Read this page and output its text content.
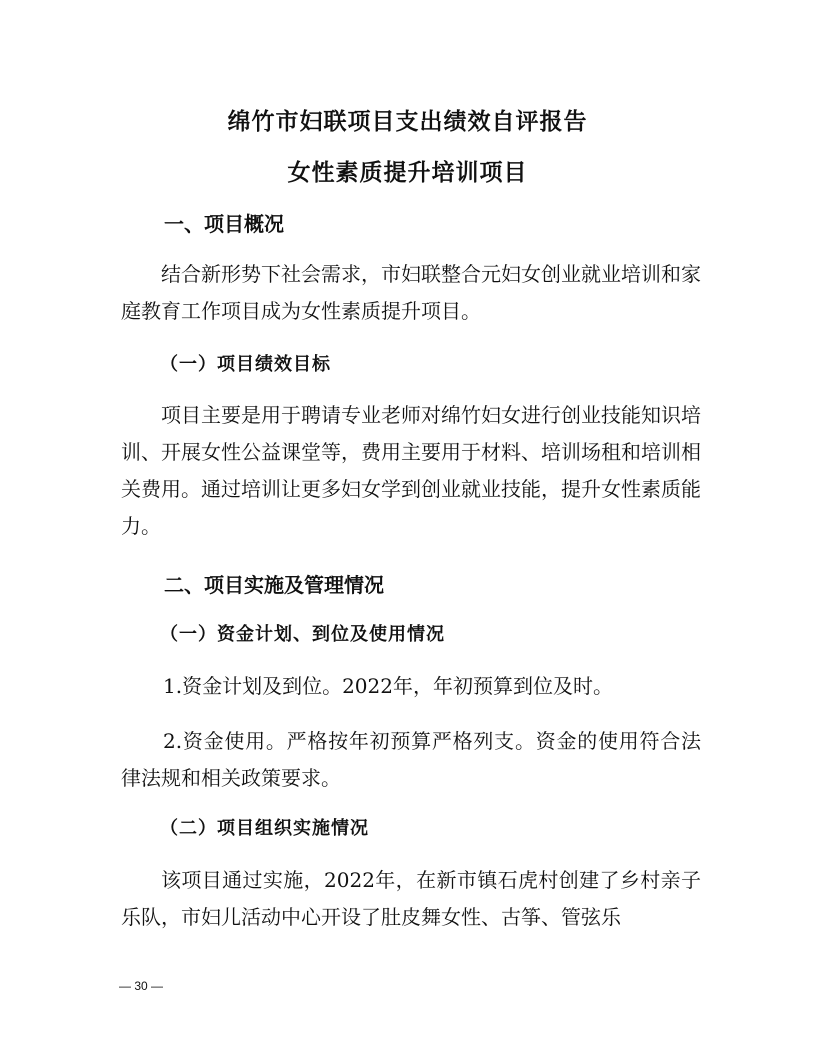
绵竹市妇联项目支出绩效自评报告
女性素质提升培训项目
一、项目概况

结合新形势下社会需求，市妇联整合元妇女创业就业培训和家庭教育工作项目成为女性素质提升项目。

（一）项目绩效目标

项目主要是用于聘请专业老师对绵竹妇女进行创业技能知识培训、开展女性公益课堂等，费用主要用于材料、培训场租和培训相关费用。通过培训让更多妇女学到创业就业技能，提升女性素质能力。

二、项目实施及管理情况
（一）资金计划、到位及使用情况

1.资金计划及到位。2022年，年初预算到位及时。

2.资金使用。严格按年初预算严格列支。资金的使用符合法律法规和相关政策要求。

（二）项目组织实施情况

该项目通过实施，2022年，在新市镇石虎村创建了乡村亲子乐队，市妇儿活动中心开设了肚皮舞女性、古筝、管弦乐

— 30 —
